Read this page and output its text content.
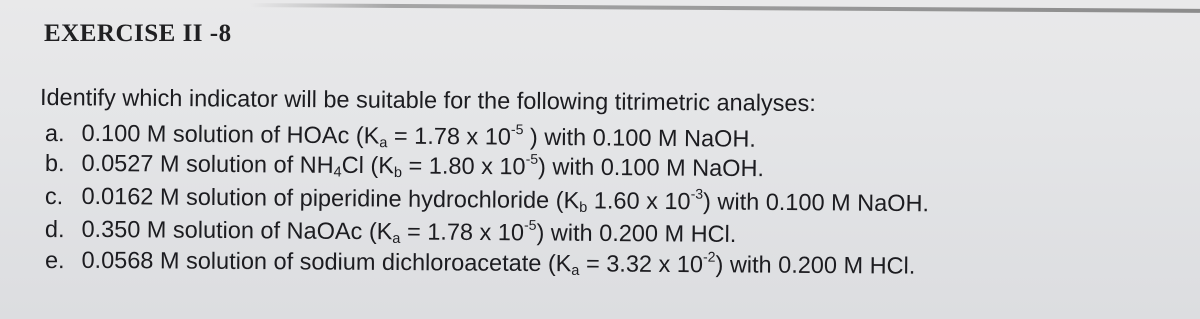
EXERCISE II -8
Identify which indicator will be suitable for the following titrimetric analyses:
a. 0.100 M solution of HOAc ($K_a = 1.78$ x $10^{-5}$ ) with 0.100 M NaOH.
b. 0.0527 M solution of $NH_4Cl$ ($K_b = 1.80$ x $10^{-5}$) with 0.100 M NaOH.
c. 0.0162 M solution of piperidine hydrochloride ($K_b$ 1.60 x $10^{-3}$) with 0.100 M NaOH.
d. 0.350 M solution of NaOAc ($K_a = 1.78$ x $10^{-5}$) with 0.200 M HCl.
e. 0.0568 M solution of sodium dichloroacetate ($K_a = 3.32$ x $10^{-2}$) with 0.200 M HCl.
